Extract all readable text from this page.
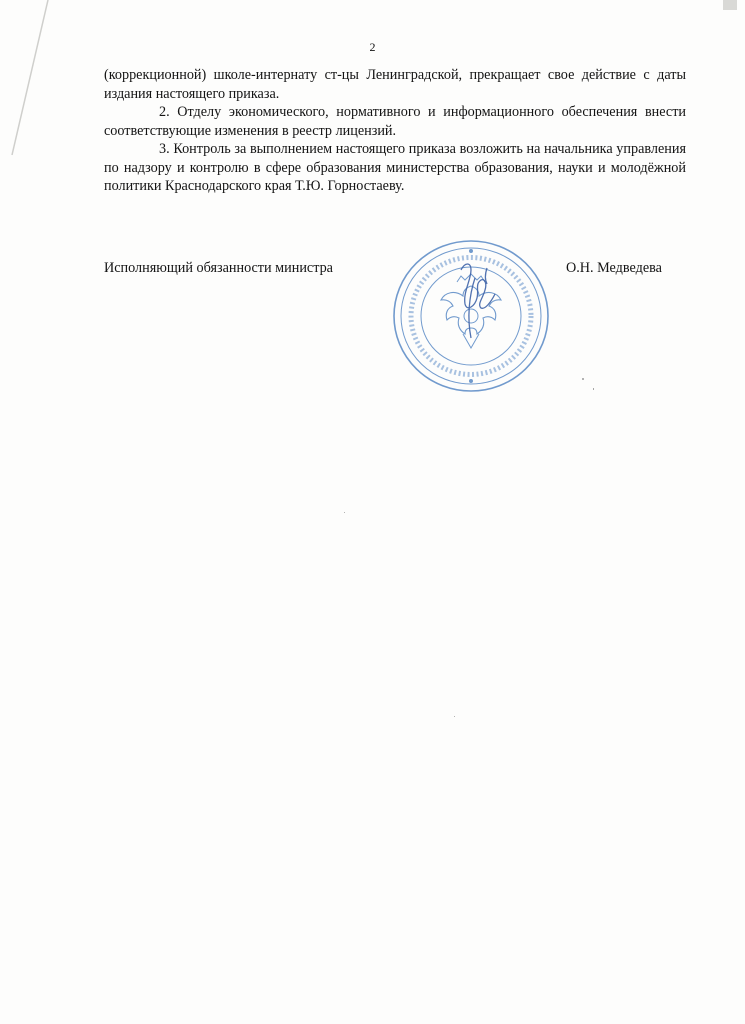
2

(коррекционной) школе-интернату ст-цы Ленинградской, прекращает свое действие с даты издания настоящего приказа.

2. Отделу экономического, нормативного и информационного обеспечения внести соответствующие изменения в реестр лицензий.

3. Контроль за выполнением настоящего приказа возложить на начальника управления по надзору и контролю в сфере образования министерства образования, науки и молодёжной политики Краснодарского края Т.Ю. Горностаеву.

Исполняющий обязанности министра	О.Н. Медведева
